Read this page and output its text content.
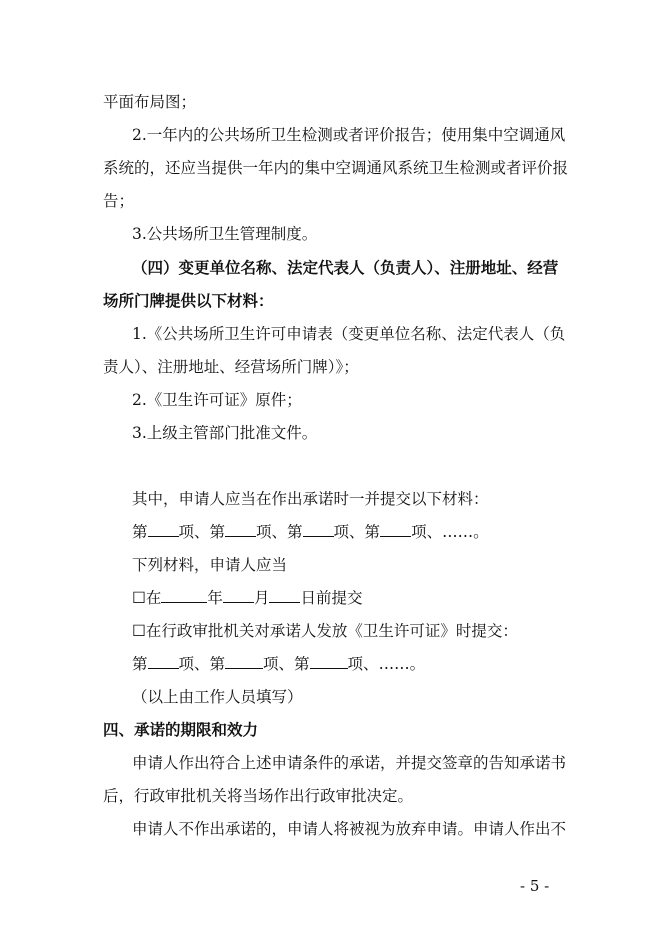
平面布局图；
2.一年内的公共场所卫生检测或者评价报告；使用集中空调通风
系统的，还应当提供一年内的集中空调通风系统卫生检测或者评价报
告；
3.公共场所卫生管理制度。
（四）变更单位名称、法定代表人（负责人）、注册地址、经营
场所门牌提供以下材料：
1.《公共场所卫生许可申请表（变更单位名称、法定代表人（负
责人）、注册地址、经营场所门牌）》；
2.《卫生许可证》原件；
3.上级主管部门批准文件。
其中，申请人应当在作出承诺时一并提交以下材料：
第 项、第 项、第 项、第 项、……。
下列材料，申请人应当
☐在	年 月 日前提交
☐在行政审批机关对承诺人发放《卫生许可证》时提交：
第 项、第 项、第 项、……。
（以上由工作人员填写）
四、承诺的期限和效力
申请人作出符合上述申请条件的承诺，并提交签章的告知承诺书
后，行政审批机关将当场作出行政审批决定。
申请人不作出承诺的，申请人将被视为放弃申请。申请人作出不
- 5 -
